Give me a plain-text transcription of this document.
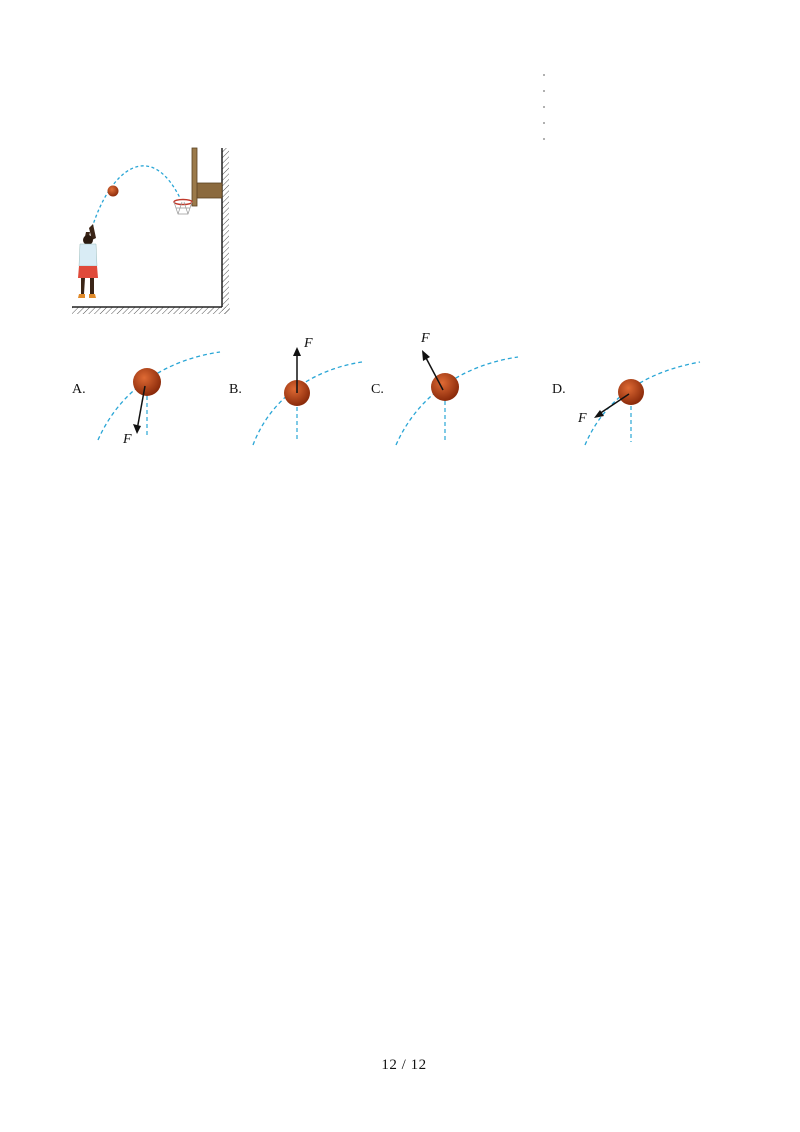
A.
F
B.
F
C.
F
D.
F
12 / 12
